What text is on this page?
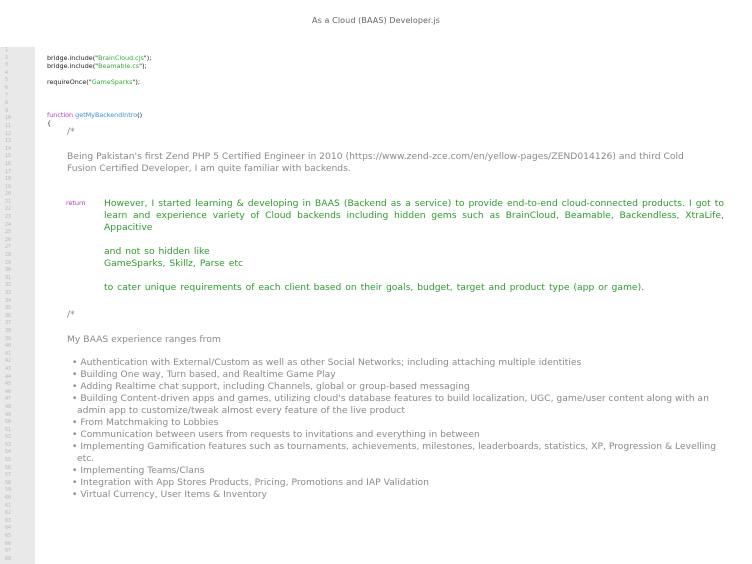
As a Cloud (BAAS) Developer.js
1
2
3
4
5
6
7
8
9
10
11
12
13
14
15
16
17
18
19
20
21
22
23
24
25
26
27
28
29
30
31
32
33
34
35
36
37
38
39
40
41
42
43
44
45
46
47
48
49
50
51
52
53
54
55
56
57
58
59
60
61
62
63
64
65
66
67
68
bridge.include("BrainCloud.cjs");
bridge.include("Beamable.cs");
requireOnce("GameSparks");
function getMyBackendIntro()
{
/*
Being Pakistan's first Zend PHP 5 Certified Engineer in 2010 (https://www.zend-zce.com/en/yellow-pages/ZEND014126) and third Cold Fusion Certified Developer, I am quite familiar with backends.
return However, I started learning & developing in BAAS (Backend as a service) to provide end-to-end cloud-connected products. I got to learn and experience variety of Cloud backends including hidden gems such as BrainCloud, Beamable, Backendless, XtraLife, Appacitive
and not so hidden like
GameSparks, Skillz, Parse etc
to cater unique requirements of each client based on their goals, budget, target and product type (app or game).
/*
My BAAS experience ranges from
• Authentication with External/Custom as well as other Social Networks; including attaching multiple identities
• Building One way, Turn based, and Realtime Game Play
• Adding Realtime chat support, including Channels, global or group-based messaging
• Building Content-driven apps and games, utilizing cloud's database features to build localization, UGC, game/user content along with an admin app to customize/tweak almost every feature of the live product
• From Matchmaking to Lobbies
• Communication between users from requests to invitations and everything in between
• Implementing Gamification features such as tournaments, achievements, milestones, leaderboards, statistics, XP, Progression & Levelling etc.
• Implementing Teams/Clans
• Integration with App Stores Products, Pricing, Promotions and IAP Validation
• Virtual Currency, User Items & Inventory
